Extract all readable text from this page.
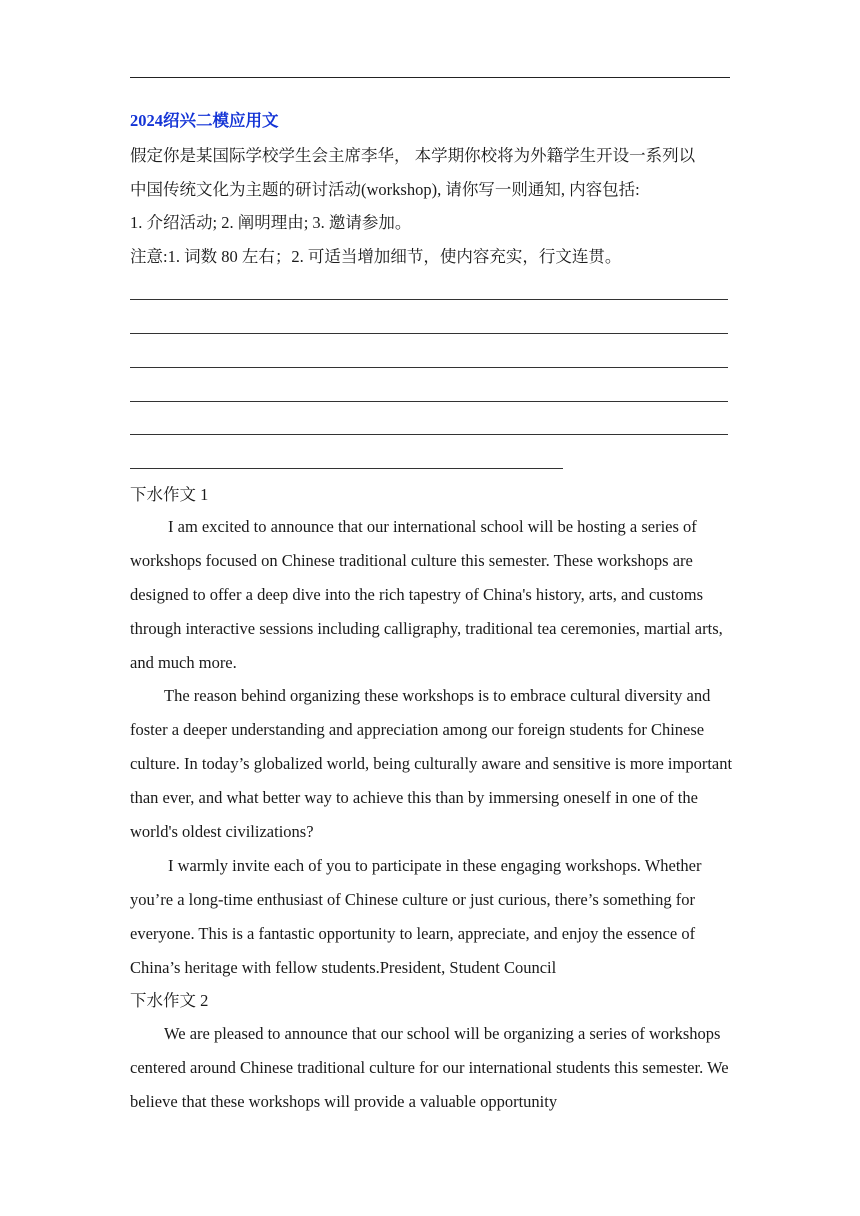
2024绍兴二模应用文
假定你是某国际学校学生会主席李华， 本学期你校将为外籍学生开设一系列以
中国传统文化为主题的研讨活动(workshop), 请你写一则通知, 内容包括:
1. 介绍活动; 2. 阐明理由; 3. 邀请参加。
注意:1. 词数 80 左右；2. 可适当增加细节，使内容充实，行文连贯。
下水作文 1

I am excited to announce that our international school will be hosting a series of workshops focused on Chinese traditional culture this semester. These workshops are designed to offer a deep dive into the rich tapestry of China's history, arts, and customs through interactive sessions including calligraphy, traditional tea ceremonies, martial arts, and much more.

The reason behind organizing these workshops is to embrace cultural diversity and foster a deeper understanding and appreciation among our foreign students for Chinese culture. In today’s globalized world, being culturally aware and sensitive is more important than ever, and what better way to achieve this than by immersing oneself in one of the world's oldest civilizations?

I warmly invite each of you to participate in these engaging workshops. Whether you’re a long-time enthusiast of Chinese culture or just curious, there’s something for everyone. This is a fantastic opportunity to learn, appreciate, and enjoy the essence of China’s heritage with fellow students.President, Student Council

下水作文 2

We are pleased to announce that our school will be organizing a series of workshops centered around Chinese traditional culture for our international students this semester. We believe that these workshops will provide a valuable opportunity
